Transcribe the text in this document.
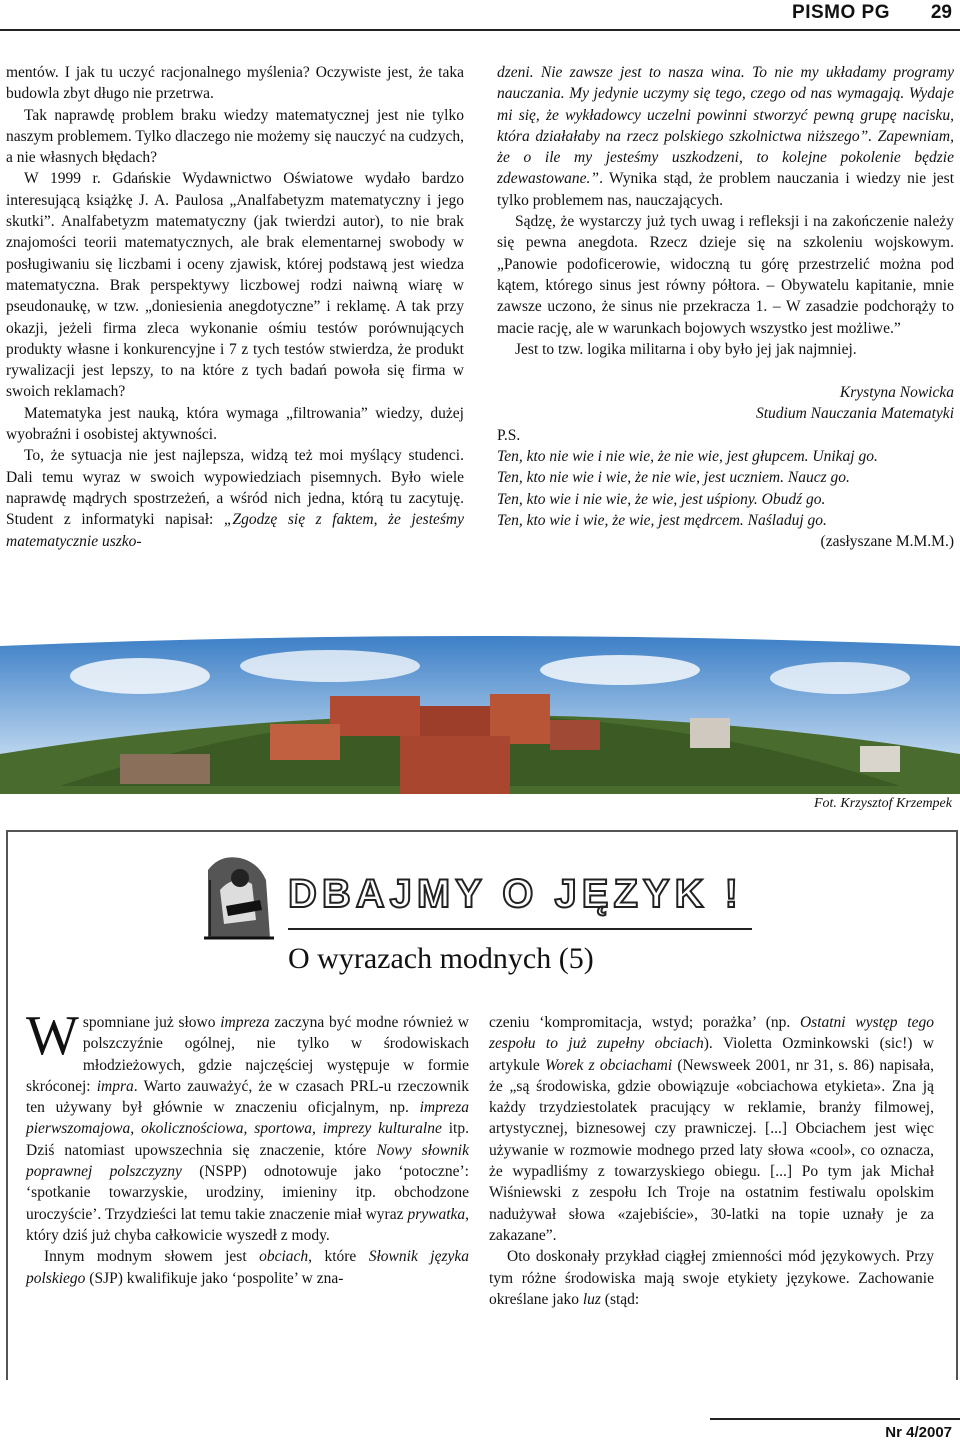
PISMO PG 29

mentów. I jak tu uczyć racjonalnego myślenia? Oczywiste jest, że taka budowla zbyt długo nie przetrwa.

Tak naprawdę problem braku wiedzy matematycznej jest nie tylko naszym problemem. Tylko dlaczego nie możemy się nauczyć na cudzych, a nie własnych błędach?

W 1999 r. Gdańskie Wydawnictwo Oświatowe wydało bardzo interesującą książkę J. A. Paulosa „Analfabetyzm matematyczny i jego skutki”. Analfabetyzm matematyczny (jak twierdzi autor), to nie brak znajomości teorii matematycznych, ale brak elementarnej swobody w posługiwaniu się liczbami i oceny zjawisk, której podstawą jest wiedza matematyczna. Brak perspektywy liczbowej rodzi naiwną wiarę w pseudonaukę, w tzw. „doniesienia anegdotyczne” i reklamę. A tak przy okazji, jeżeli firma zleca wykonanie ośmiu testów porównujących produkty własne i konkurencyjne i 7 z tych testów stwierdza, że produkt rywalizacji jest lepszy, to na które z tych badań powoła się firma w swoich reklamach?

Matematyka jest nauką, która wymaga „filtrowania” wiedzy, dużej wyobraźni i osobistej aktywności.

To, że sytuacja nie jest najlepsza, widzą też moi myślący studenci. Dali temu wyraz w swoich wypowiedziach pisemnych. Było wiele naprawdę mądrych spostrzeżeń, a wśród nich jedna, którą tu zacytuję. Student z informatyki napisał: „Zgodzę się z faktem, że jesteśmy matematycznie uszko-

dzeni. Nie zawsze jest to nasza wina. To nie my układamy programy nauczania. My jedynie uczymy się tego, czego od nas wymagają. Wydaje mi się, że wykładowcy uczelni powinni stworzyć pewną grupę nacisku, która działałaby na rzecz polskiego szkolnictwa niższego”. Zapewniam, że o ile my jesteśmy uszkodzeni, to kolejne pokolenie będzie zdewastowane.”. Wynika stąd, że problem nauczania i wiedzy nie jest tylko problemem nas, nauczających.

Sądzę, że wystarczy już tych uwag i refleksji i na zakończenie należy się pewna anegdota. Rzecz dzieje się na szkoleniu wojskowym. „Panowie podoficerowie, widoczną tu górę przestrzelić można pod kątem, którego sinus jest równy półtora. – Obywatelu kapitanie, mnie zawsze uczono, że sinus nie przekracza 1. – W zasadzie podchorąży to macie rację, ale w warunkach bojowych wszystko jest możliwe.”

Jest to tzw. logika militarna i oby było jej jak najmniej.

Krystyna Nowicka

Studium Nauczania Matematyki

P.S.

Ten, kto nie wie i nie wie, że nie wie, jest głupcem. Unikaj go.

Ten, kto nie wie i wie, że nie wie, jest uczniem. Naucz go.

Ten, kto wie i nie wie, że wie, jest uśpiony. Obudź go.

Ten, kto wie i wie, że wie, jest mędrcem. Naśladuj go.

(zasłyszane M.M.M.)

Fot. Krzysztof Krzempek
DBAJMY O JĘZYK !
O wyrazach modnych (5)

Wspomniane już słowo impreza zaczyna być modne również w polszczyźnie ogólnej, nie tylko w środowiskach młodzieżowych, gdzie najczęściej występuje w formie skróconej: impra. Warto zauważyć, że w czasach PRL-u rzeczownik ten używany był głównie w znaczeniu oficjalnym, np. impreza pierwszomajowa, okolicznościowa, sportowa, imprezy kulturalne itp. Dziś natomiast upowszechnia się znaczenie, które Nowy słownik poprawnej polszczyzny (NSPP) odnotowuje jako ‘potoczne’: ‘spotkanie towarzyskie, urodziny, imieniny itp. obchodzone uroczyście’. Trzydzieści lat temu takie znaczenie miał wyraz prywatka, który dziś już chyba całkowicie wyszedł z mody.

Innym modnym słowem jest obciach, które Słownik języka polskiego (SJP) kwalifikuje jako ‘pospolite’ w zna-

czeniu ‘kompromitacja, wstyd; porażka’ (np. Ostatni występ tego zespołu to już zupełny obciach). Violetta Ozminkowski (sic!) w artykule Worek z obciachami (Newsweek 2001, nr 31, s. 86) napisała, że „są środowiska, gdzie obowiązuje «obciachowa etykieta». Zna ją każdy trzydziestolatek pracujący w reklamie, branży filmowej, artystycznej, biznesowej czy prawniczej. [...] Obciachem jest więc używanie w rozmowie modnego przed laty słowa «cool», co oznacza, że wypadliśmy z towarzyskiego obiegu. [...] Po tym jak Michał Wiśniewski z zespołu Ich Troje na ostatnim festiwalu opolskim nadużywał słowa «zajebiście», 30-latki na topie uznały je za zakazane”.

Oto doskonały przykład ciągłej zmienności mód językowych. Przy tym różne środowiska mają swoje etykiety językowe. Zachowanie określane jako luz (stąd:

Nr 4/2007
